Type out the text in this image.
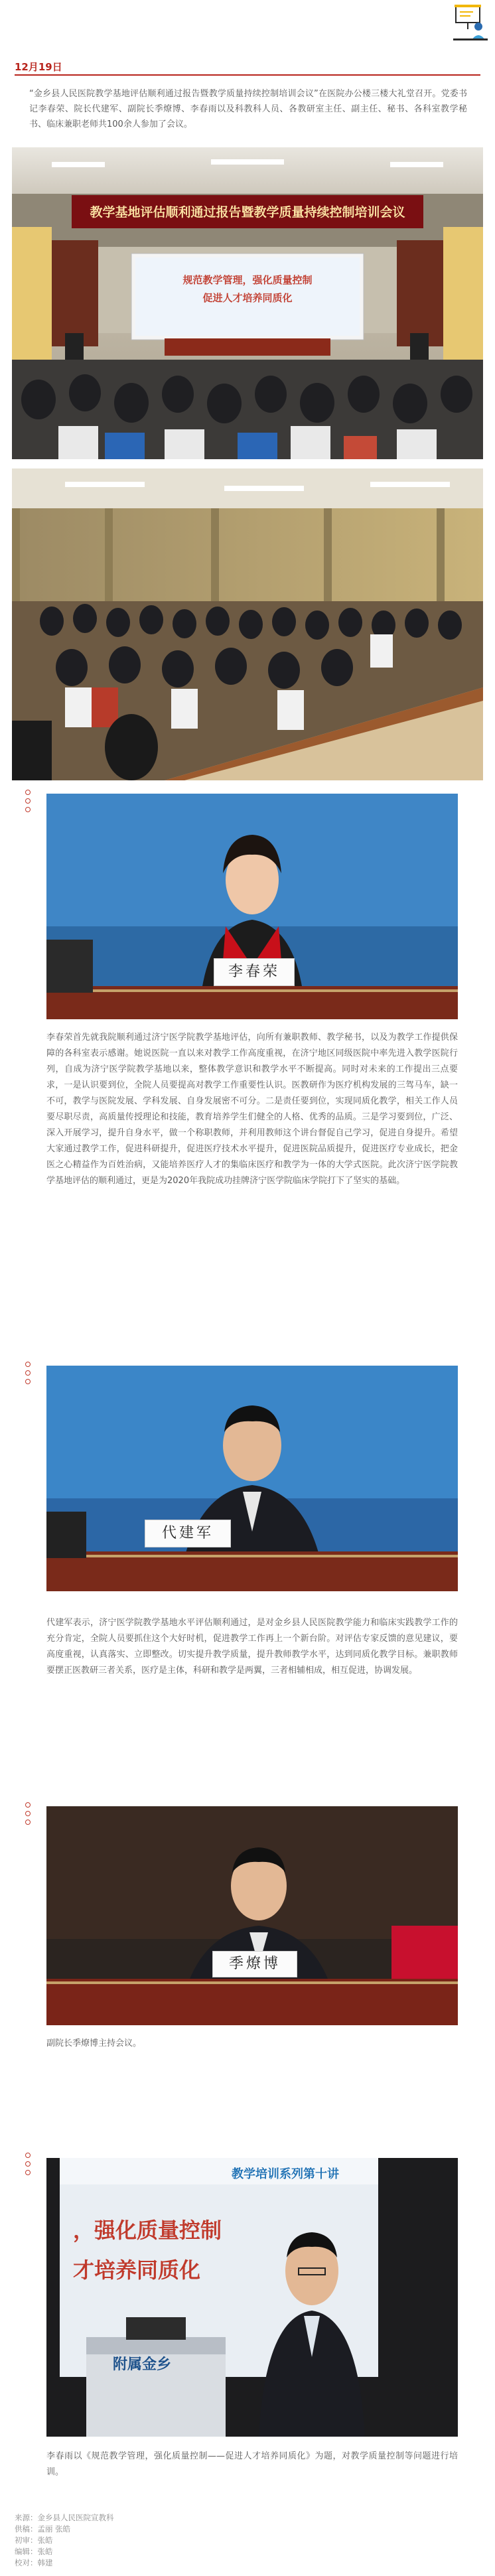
12月19日
“金乡县人民医院教学基地评估顺利通过报告暨教学质量持续控制培训会议”在医院办公楼三楼大礼堂召开。党委书记李春荣、院长代建军、副院长季燎博、李春雨以及科教科人员、各教研室主任、副主任、秘书、各科室教学秘书、临床兼职老师共100余人参加了会议。
教学基地评估顺利通过报告暨教学质量持续控制培训会议
规范教学管理，强化质量控制
促进人才培养同质化
李春荣
李春荣首先就我院顺利通过济宁医学院教学基地评估，向所有兼职教师、教学秘书，以及为教学工作提供保障的各科室表示感谢。她说医院一直以来对教学工作高度重视，在济宁地区同级医院中率先进入教学医院行列，自成为济宁医学院教学基地以来，整体教学意识和教学水平不断提高。同时对未来的工作提出三点要求，一是认识要到位，全院人员要提高对教学工作重要性认识。医教研作为医疗机构发展的三驾马车，缺一不可，教学与医院发展、学科发展、自身发展密不可分。二是责任要到位，实现同质化教学，相关工作人员要尽职尽责，高质量传授理论和技能，教育培养学生们健全的人格、优秀的品质。三是学习要到位，广泛、深入开展学习，提升自身水平，做一个称职教师，并利用教师这个讲台督促自己学习，促进自身提升。希望大家通过教学工作，促进科研提升，促进医疗技术水平提升，促进医院品质提升，促进医疗专业成长，把金医之心精益作为百姓治病，又能培养医疗人才的集临床医疗和教学为一体的大学式医院。此次济宁医学院教学基地评估的顺利通过，更是为2020年我院成功挂牌济宁医学院临床学院打下了坚实的基础。
代建军
代建军表示，济宁医学院教学基地水平评估顺利通过，是对金乡县人民医院教学能力和临床实践教学工作的充分肯定，全院人员要抓住这个大好时机，促进教学工作再上一个新台阶。对评估专家反馈的意见建议，要高度重视，认真落实、立即整改。切实提升教学质量，提升教师教学水平，达到同质化教学目标。兼职教师要摆正医教研三者关系，医疗是主体，科研和教学是两翼，三者相辅相成，相互促进，协调发展。
季燎博
副院长季燎博主持会议。
教学培训系列第十讲
，强化质量控制
才培养同质化
附属金乡
李春雨以《规范教学管理，强化质量控制——促进人才培养同质化》为题，对教学质量控制等问题进行培训。
来源：金乡县人民医院宣教科
供稿：孟丽 张皓
初审：张皓
编辑：张皓
校对：韩建
